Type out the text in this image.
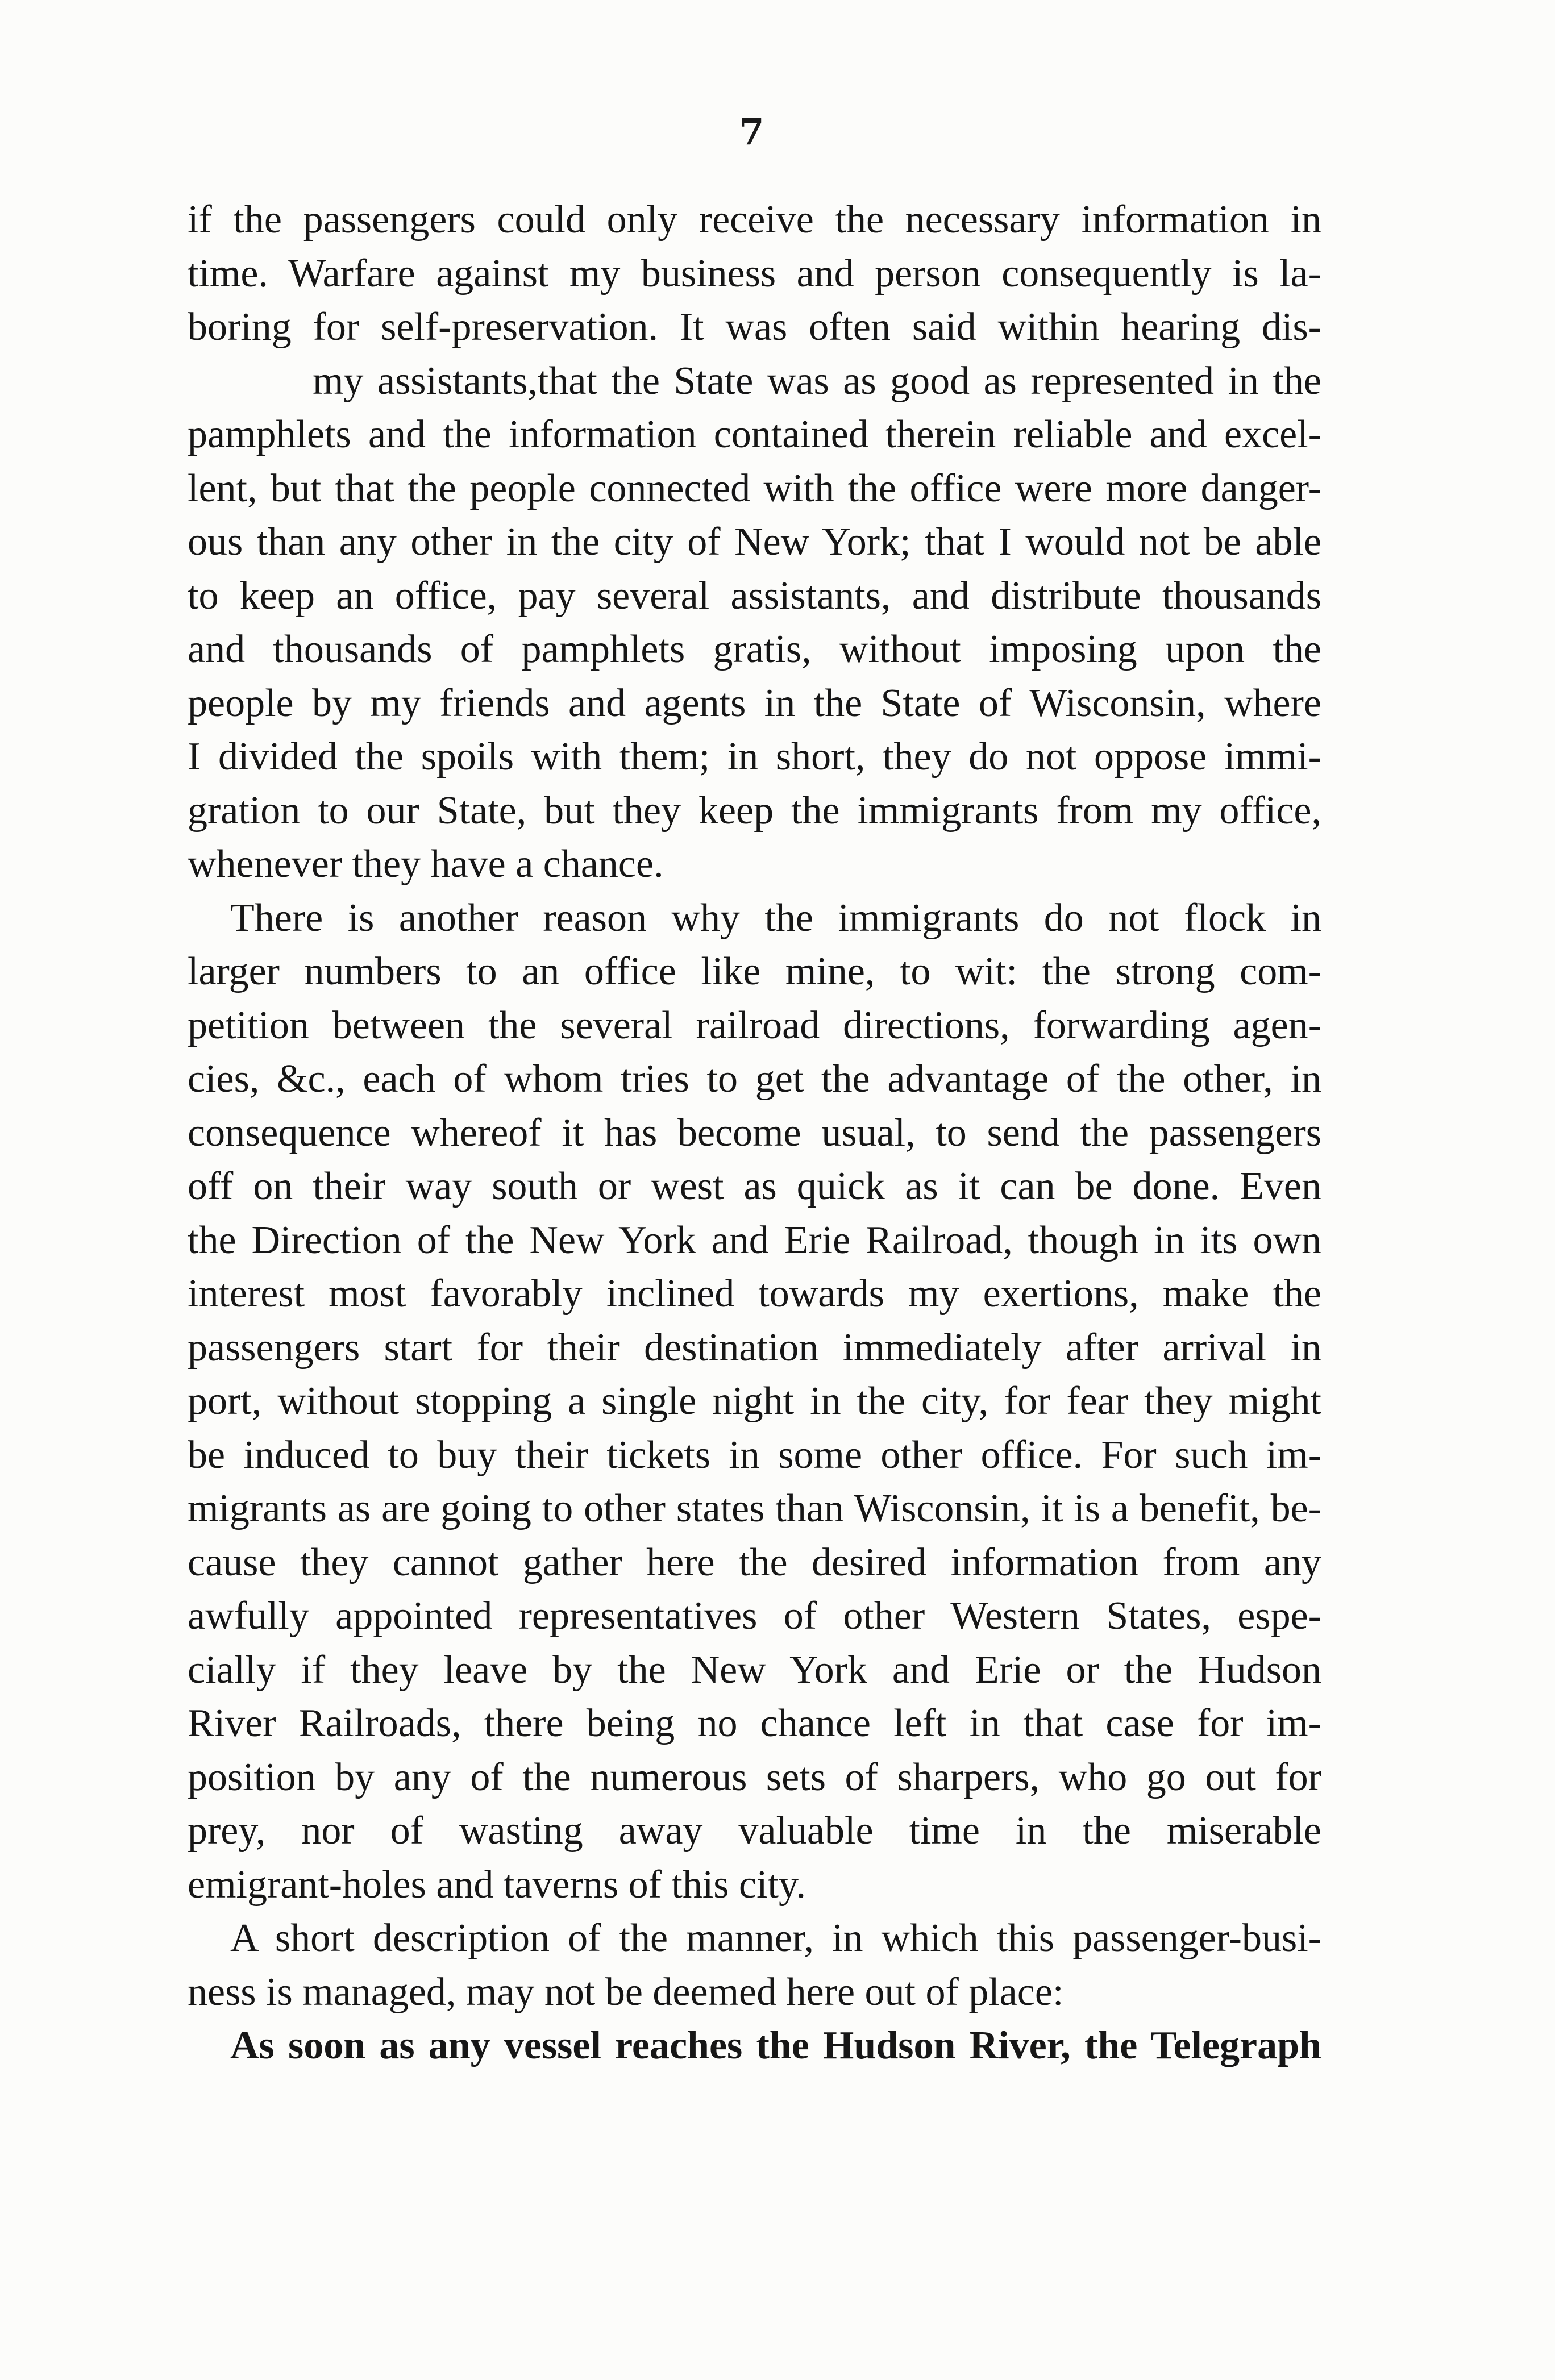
7
if the passengers could only receive the necessary information in
time. Warfare against my business and person consequently is la-
boring for self-preservation. It was often said within hearing dis-
my assistants,that the State was as good as represented in the
pamphlets and the information contained therein reliable and excel-
lent, but that the people connected with the office were more danger-
ous than any other in the city of New York; that I would not be able
to keep an office, pay several assistants, and distribute thousands
and thousands of pamphlets gratis, without imposing upon the
people by my friends and agents in the State of Wisconsin, where
I divided the spoils with them; in short, they do not oppose immi-
gration to our State, but they keep the immigrants from my office,
whenever they have a chance.
There is another reason why the immigrants do not flock in
larger numbers to an office like mine, to wit: the strong com-
petition between the several railroad directions, forwarding agen-
cies, &c., each of whom tries to get the advantage of the other, in
consequence whereof it has become usual, to send the passengers
off on their way south or west as quick as it can be done. Even
the Direction of the New York and Erie Railroad, though in its own
interest most favorably inclined towards my exertions, make the
passengers start for their destination immediately after arrival in
port, without stopping a single night in the city, for fear they might
be induced to buy their tickets in some other office. For such im-
migrants as are going to other states than Wisconsin, it is a benefit, be-
cause they cannot gather here the desired information from any
awfully appointed representatives of other Western States, espe-
cially if they leave by the New York and Erie or the Hudson
River Railroads, there being no chance left in that case for im-
position by any of the numerous sets of sharpers, who go out for
prey, nor of wasting away valuable time in the miserable
emigrant-holes and taverns of this city.
A short description of the manner, in which this passenger-busi-
ness is managed, may not be deemed here out of place:
As soon as any vessel reaches the Hudson River, the Telegraph
